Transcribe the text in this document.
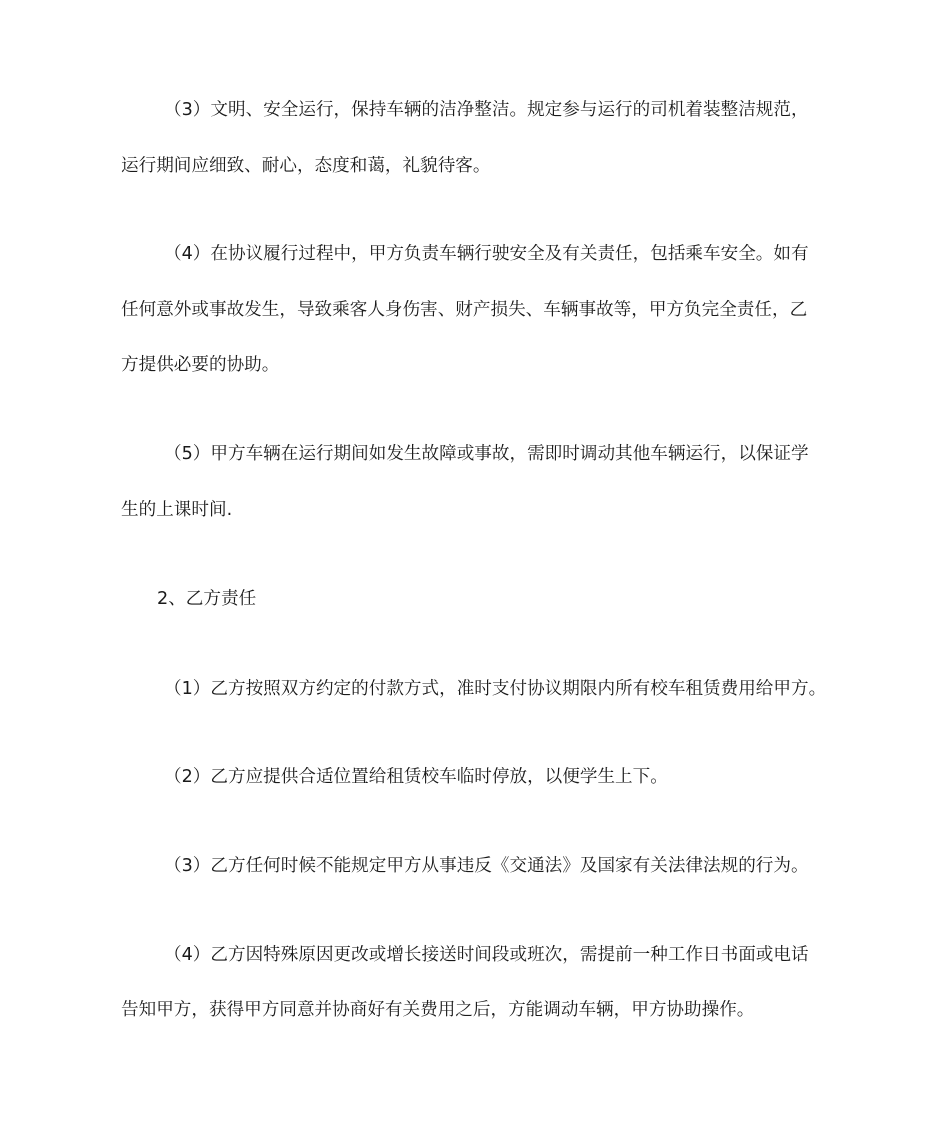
（3）文明、安全运行，保持车辆的洁净整洁。规定参与运行的司机着装整洁规范，
运行期间应细致、耐心，态度和蔼，礼貌待客。
（4）在协议履行过程中，甲方负责车辆行驶安全及有关责任，包括乘车安全。如有
任何意外或事故发生，导致乘客人身伤害、财产损失、车辆事故等，甲方负完全责任，乙
方提供必要的协助。
（5）甲方车辆在运行期间如发生故障或事故，需即时调动其他车辆运行，以保证学
生的上课时间.
2、乙方责任
（1）乙方按照双方约定的付款方式，准时支付协议期限内所有校车租赁费用给甲方。
（2）乙方应提供合适位置给租赁校车临时停放，以便学生上下。
（3）乙方任何时候不能规定甲方从事违反《交通法》及国家有关法律法规的行为。
（4）乙方因特殊原因更改或增长接送时间段或班次，需提前一种工作日书面或电话
告知甲方，获得甲方同意并协商好有关费用之后，方能调动车辆，甲方协助操作。
